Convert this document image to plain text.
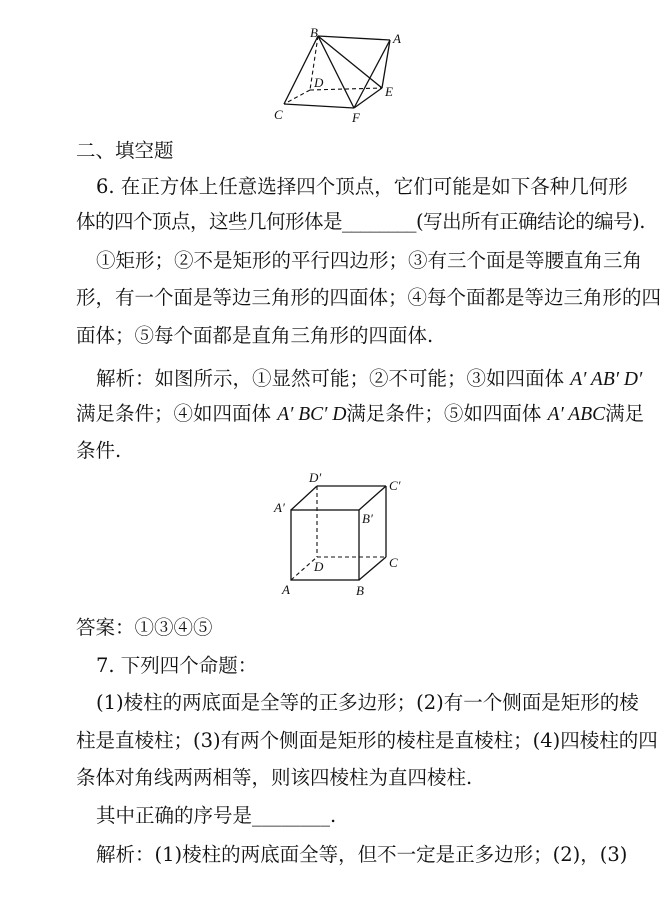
B	A
D
E
C	F
二、填空题
6. 在正方体上任意选择四个顶点，它们可能是如下各种几何形
体的四个顶点，这些几何形体是________(写出所有正确结论的编号).
①矩形；②不是矩形的平行四边形；③有三个面是等腰直角三角
形，有一个面是等边三角形的四面体；④每个面都是等边三角形的四
面体；⑤每个面都是直角三角形的四面体.
解析：如图所示，①显然可能；②不可能；③如四面体 A′ AB′ D′
满足条件；④如四面体 A′ BC′ D满足条件；⑤如四面体 A′ ABC满足
条件.
D′
C′
A′
B′
D	C
A	B
答案：①③④⑤
7. 下列四个命题：
(1)棱柱的两底面是全等的正多边形；(2)有一个侧面是矩形的棱
柱是直棱柱；(3)有两个侧面是矩形的棱柱是直棱柱；(4)四棱柱的四
条体对角线两两相等，则该四棱柱为直四棱柱.
其中正确的序号是________.
解析：(1)棱柱的两底面全等，但不一定是正多边形；(2)，(3)
